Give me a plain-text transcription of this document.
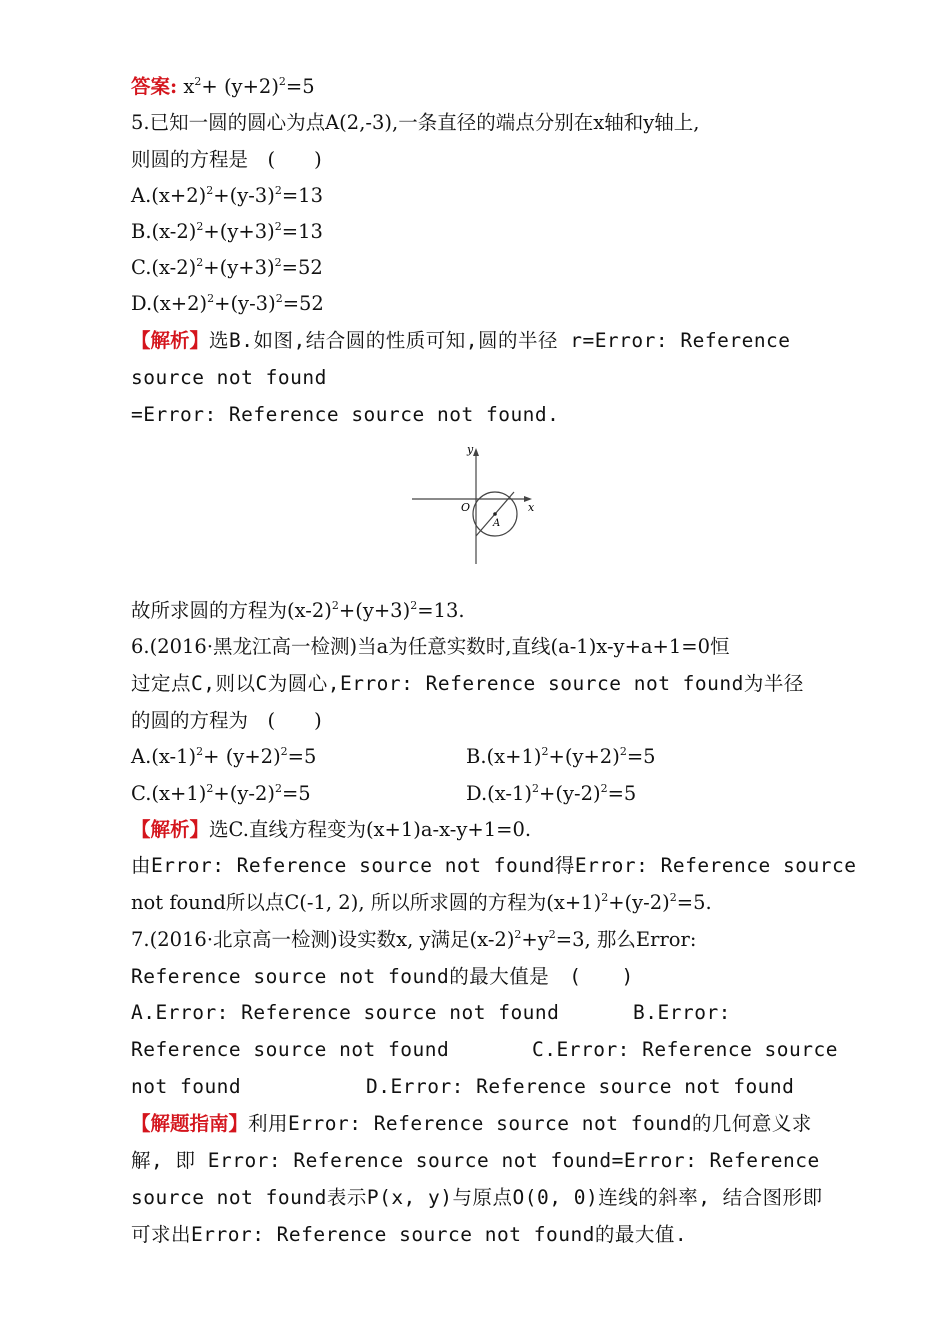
答案: $x^2+ (y+2)^2=5$
5.已知一圆的圆心为点A(2,-3),一条直径的端点分别在x轴和y轴上,
则圆的方程是　(　　)
$A.(x+2)^2+(y-3)^2=13$
$B.(x-2)^2+(y+3)^2=13$
$C.(x-2)^2+(y+3)^2=52$
$D.(x+2)^2+(y-3)^2=52$
【解析】选B.如图,结合圆的性质可知,圆的半径 r=Error: Reference
source not found
=Error: Reference source not found.
y
x
O
A
故所求圆的方程为$(x-2)^2+(y+3)^2=13$.
6.(2016·黑龙江高一检测)当a为任意实数时,直线(a-1)x-y+a+1=0恒
过定点C,则以C为圆心,Error: Reference source not found为半径
的圆的方程为　(　　)
$A.(x-1)^2+ (y+2)^2=5$	$B.(x+1)^2+(y+2)^2=5$
$C.(x+1)^2+(y-2)^2=5$	$D.(x-1)^2+(y-2)^2=5$
【解析】选C.直线方程变为(x+1)a-x-y+1=0.
由Error: Reference source not found得Error: Reference source
not found所以点C(-1, 2), 所以所求圆的方程为$(x+1)^2+(y-2)^2=5$.
7.(2016·北京高一检测)设实数x, y满足$(x-2)^2+y^2=3$, 那么Error:
Reference source not found的最大值是　(　　)
A.Error: Reference source not found	B.Error:
Reference source not found	C.Error: Reference source
not found	D.Error: Reference source not found
【解题指南】利用Error: Reference source not found的几何意义求
解, 即 Error: Reference source not found=Error: Reference
source not found表示P(x, y)与原点O(0, 0)连线的斜率, 结合图形即
可求出Error: Reference source not found的最大值.
